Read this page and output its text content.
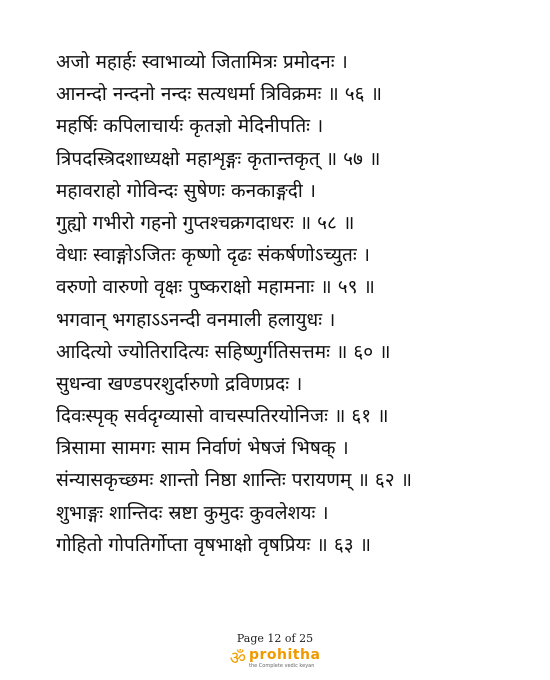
अजो महार्हः स्वाभाव्यो जितामित्रः प्रमोदनः ।
आनन्दो नन्दनो नन्दः सत्यधर्मा त्रिविक्रमः ॥ ५६ ॥
महर्षिः कपिलाचार्यः कृतज्ञो मेदिनीपतिः ।
त्रिपदस्त्रिदशाध्यक्षो महाशृङ्गः कृतान्तकृत् ॥ ५७ ॥
महावराहो गोविन्दः सुषेणः कनकाङ्गदी ।
गुह्यो गभीरो गहनो गुप्तश्चक्रगदाधरः ॥ ५८ ॥
वेधाः स्वाङ्गोऽजितः कृष्णो दृढः संकर्षणोऽच्युतः ।
वरुणो वारुणो वृक्षः पुष्कराक्षो महामनाः ॥ ५९ ॥
भगवान् भगहाऽऽनन्दी वनमाली हलायुधः ।
आदित्यो ज्योतिरादित्यः सहिष्णुर्गतिसत्तमः ॥ ६० ॥
सुधन्वा खण्डपरशुर्दारुणो द्रविणप्रदः ।
दिवःस्पृक् सर्वदृग्व्यासो वाचस्पतिरयोनिजः ॥ ६१ ॥
त्रिसामा सामगः साम निर्वाणं भेषजं भिषक् ।
संन्यासकृच्छमः शान्तो निष्ठा शान्तिः परायणम् ॥ ६२ ॥
शुभाङ्गः शान्तिदः स्रष्टा कुमुदः कुवलेशयः ।
गोहितो गोपतिर्गोप्ता वृषभाक्षो वृषप्रियः ॥ ६३ ॥
Page 12 of 25
ॐ prohitha
the Complete vedic keyan
